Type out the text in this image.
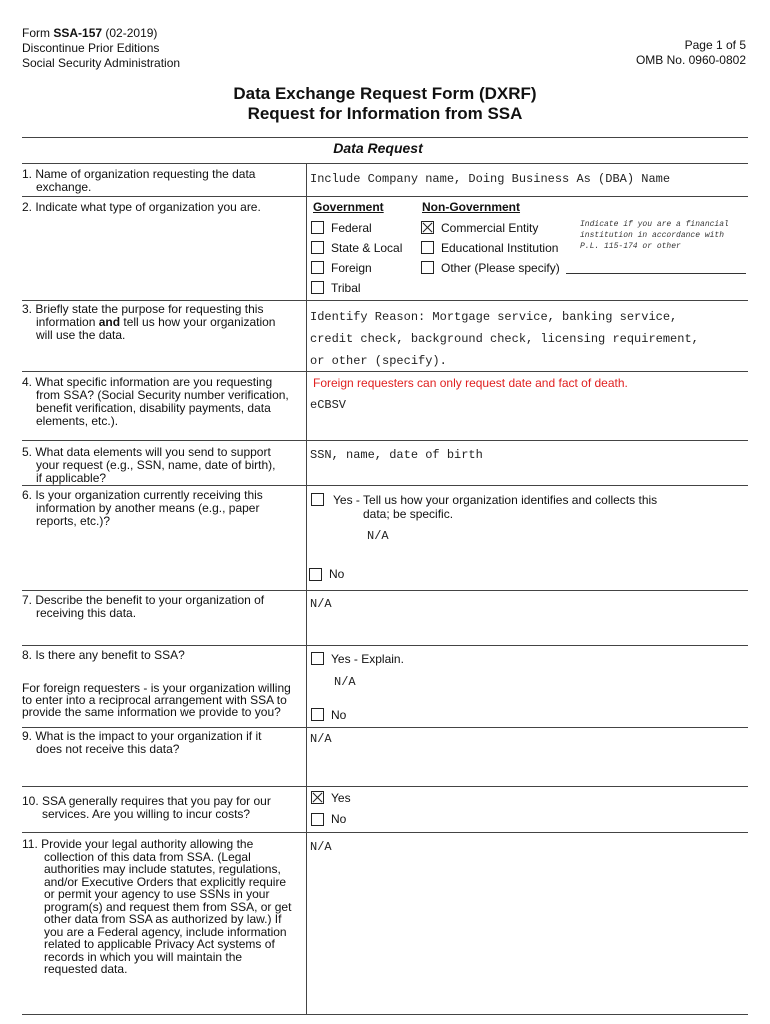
Form SSA-157 (02-2019)
Discontinue Prior Editions
Social Security Administration
Page 1 of 5
OMB No. 0960-0802
Data Exchange Request Form (DXRF)
Request for Information from SSA
Data Request
1. Name of organization requesting the data
exchange.
Include Company name, Doing Business As (DBA) Name
2. Indicate what type of organization you are.	Government	Non-Government
Federal
State & Local
Foreign
Tribal
Commercial Entity
Educational Institution
Other (Please specify)
Indicate if you are a financial
institution in accordance with
P.L. 115-174 or other
3. Briefly state the purpose for requesting this
information and tell us how your organization
will use the data.
Identify Reason: Mortgage service, banking service,
credit check, background check, licensing requirement,
or other (specify).
4. What specific information are you requesting
from SSA? (Social Security number verification,
benefit verification, disability payments, data
elements, etc.).
Foreign requesters can only request date and fact of death.
eCBSV
5. What data elements will you send to support
your request (e.g., SSN, name, date of birth),
if applicable?
SSN, name, date of birth
6. Is your organization currently receiving this
information by another means (e.g., paper
reports, etc.)?
Yes - Tell us how your organization identifies and collects this
data; be specific.
N/A
No
7. Describe the benefit to your organization of
receiving this data.
N/A
8. Is there any benefit to SSA?
For foreign requesters - is your organization willing
to enter into a reciprocal arrangement with SSA to
provide the same information we provide to you?
Yes - Explain.
N/A
No
9. What is the impact to your organization if it
does not receive this data?
N/A
10. SSA generally requires that you pay for our
services. Are you willing to incur costs?
Yes
No
11. Provide your legal authority allowing the
collection of this data from SSA. (Legal
authorities may include statutes, regulations,
and/or Executive Orders that explicitly require
or permit your agency to use SSNs in your
program(s) and request them from SSA, or get
other data from SSA as authorized by law.) If
you are a Federal agency, include information
related to applicable Privacy Act systems of
records in which you will maintain the
requested data.
N/A
